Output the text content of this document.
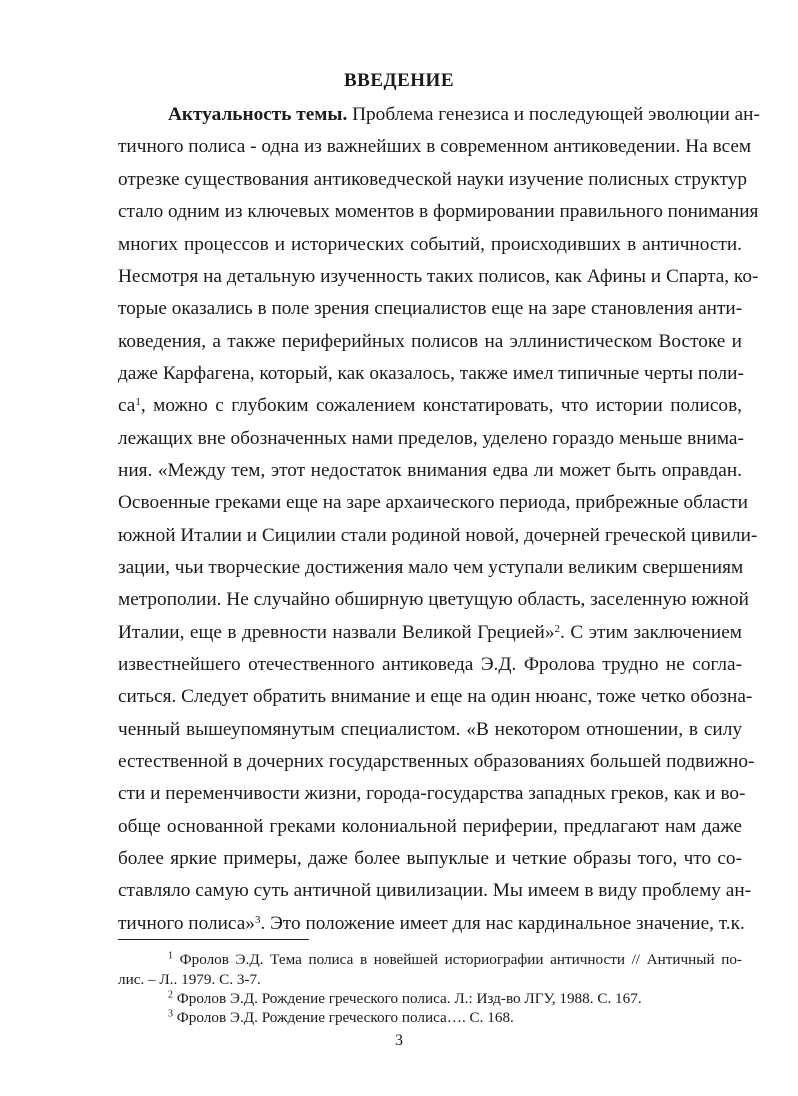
ВВЕДЕНИЕ
Актуальность темы. Проблема генезиса и последующей эволюции ан-
тичного полиса - одна из важнейших в современном антиковедении. На всем
отрезке существования антиковедческой науки изучение полисных структур
стало одним из ключевых моментов в формировании правильного понимания
многих процессов и исторических событий, происходивших в античности.
Несмотря на детальную изученность таких полисов, как Афины и Спарта, ко-
торые оказались в поле зрения специалистов еще на заре становления анти-
коведения, а также периферийных полисов на эллинистическом Востоке и
даже Карфагена, который, как оказалось, также имел типичные черты поли-
$са^1$, можно с глубоким сожалением констатировать, что истории полисов,
лежащих вне обозначенных нами пределов, уделено гораздо меньше внима-
ния. «Между тем, этот недостаток внимания едва ли может быть оправдан.
Освоенные греками еще на заре архаического периода, прибрежные области
южной Италии и Сицилии стали родиной новой, дочерней греческой цивили-
зации, чьи творческие достижения мало чем уступали великим свершениям
метрополии. Не случайно обширную цветущую область, заселенную южной
Италии, еще в древности назвали Великой Грецией»$^2$. С этим заключением
известнейшего отечественного антиковеда Э.Д. Фролова трудно не согла-
ситься. Следует обратить внимание и еще на один нюанс, тоже четко обозна-
ченный вышеупомянутым специалистом. «В некотором отношении, в силу
естественной в дочерних государственных образованиях большей подвижно-
сти и переменчивости жизни, города-государства западных греков, как и во-
обще основанной греками колониальной периферии, предлагают нам даже
более яркие примеры, даже более выпуклые и четкие образы того, что со-
ставляло самую суть античной цивилизации. Мы имеем в виду проблему ан-
тичного полиса»$^3$. Это положение имеет для нас кардинальное значение, т.к.
$^1$ Фролов Э.Д. Тема полиса в новейшей историографии античности // Античный по-
лис. – Л.. 1979. С. 3-7.
$^2$ Фролов Э.Д. Рождение греческого полиса. Л.: Изд-во ЛГУ, 1988. С. 167.
$^3$ Фролов Э.Д. Рождение греческого полиса…. С. 168.
3
